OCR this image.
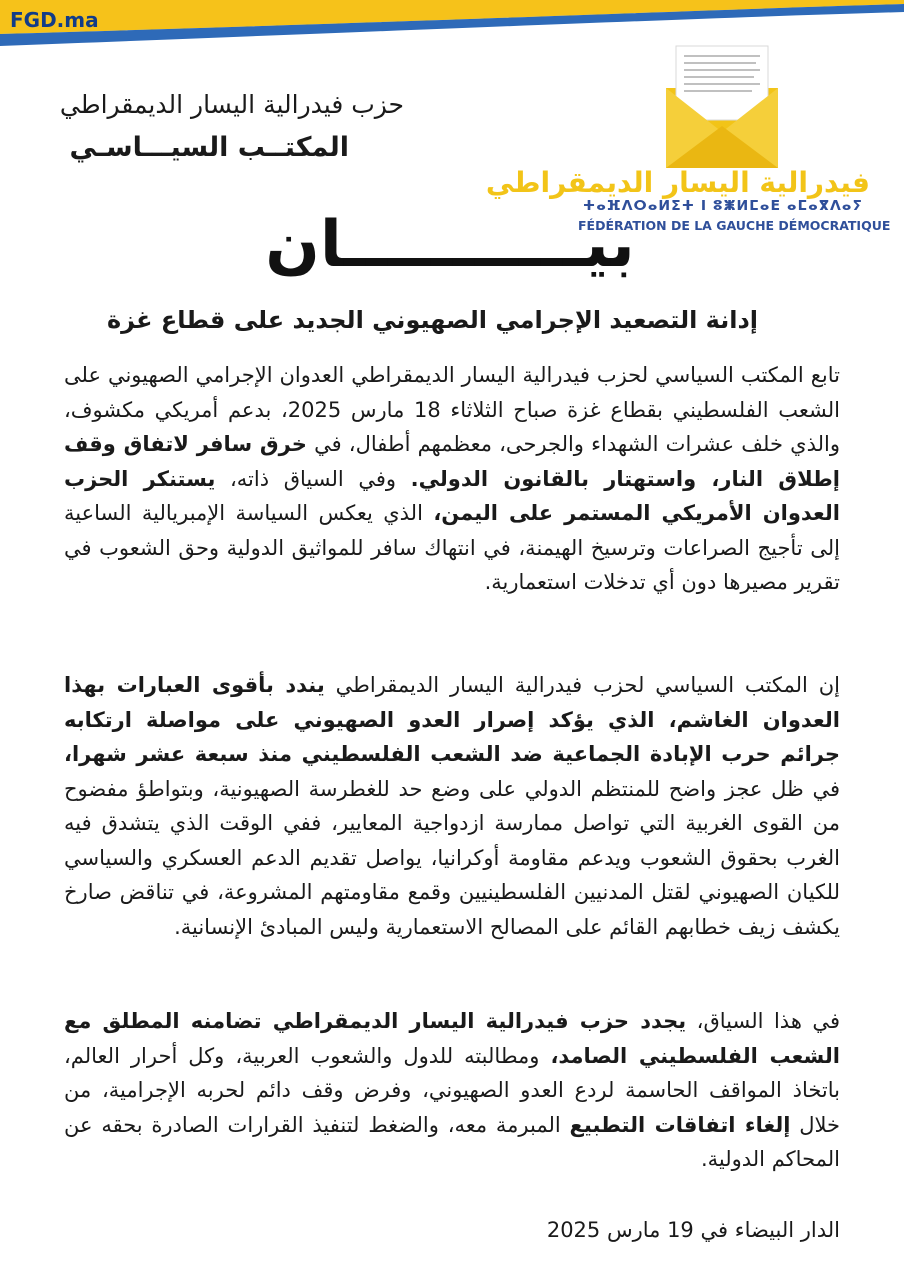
FGD.ma
حزب فيدرالية اليسار الديمقراطي
المكتــب السيـــاسـي
فيدرالية اليسار الديمقراطي
ⵜⴰⴼⴷⵔⴰⵍⵉⵜ ⵏ ⵓⵥⵍⵎⴰⴹ ⴰⵎⴰⴳⴷⴰⵢ
FÉDÉRATION DE LA GAUCHE DÉMOCRATIQUE
بيـــــــــــان
إدانة التصعيد الإجرامي الصهيوني الجديد على قطاع غزة
تابع المكتب السياسي لحزب فيدرالية اليسار الديمقراطي العدوان الإجرامي الصهيوني على الشعب الفلسطيني بقطاع غزة صباح الثلاثاء 18 مارس 2025، بدعم أمريكي مكشوف، والذي خلف عشرات الشهداء والجرحى، معظمهم أطفال، في خرق سافر لاتفاق وقف إطلاق النار، واستهتار بالقانون الدولي. وفي السياق ذاته، يستنكر الحزب العدوان الأمريكي المستمر على اليمن، الذي يعكس السياسة الإمبريالية الساعية إلى تأجيج الصراعات وترسيخ الهيمنة، في انتهاك سافر للمواثيق الدولية وحق الشعوب في تقرير مصيرها دون أي تدخلات استعمارية.
إن المكتب السياسي لحزب فيدرالية اليسار الديمقراطي يندد بأقوى العبارات بهذا العدوان الغاشم، الذي يؤكد إصرار العدو الصهيوني على مواصلة ارتكابه جرائم حرب الإبادة الجماعية ضد الشعب الفلسطيني منذ سبعة عشر شهرا، في ظل عجز واضح للمنتظم الدولي على وضع حد للغطرسة الصهيونية، وبتواطؤ مفضوح من القوى الغربية التي تواصل ممارسة ازدواجية المعايير، ففي الوقت الذي يتشدق فيه الغرب بحقوق الشعوب ويدعم مقاومة أوكرانيا، يواصل تقديم الدعم العسكري والسياسي للكيان الصهيوني لقتل المدنيين الفلسطينيين وقمع مقاومتهم المشروعة، في تناقض صارخ يكشف زيف خطابهم القائم على المصالح الاستعمارية وليس المبادئ الإنسانية.
في هذا السياق، يجدد حزب فيدرالية اليسار الديمقراطي تضامنه المطلق مع الشعب الفلسطيني الصامد، ومطالبته للدول والشعوب العربية، وكل أحرار العالم، باتخاذ المواقف الحاسمة لردع العدو الصهيوني، وفرض وقف دائم لحربه الإجرامية، من خلال إلغاء اتفاقات التطبيع المبرمة معه، والضغط لتنفيذ القرارات الصادرة بحقه عن المحاكم الدولية.
الدار البيضاء في 19 مارس 2025
